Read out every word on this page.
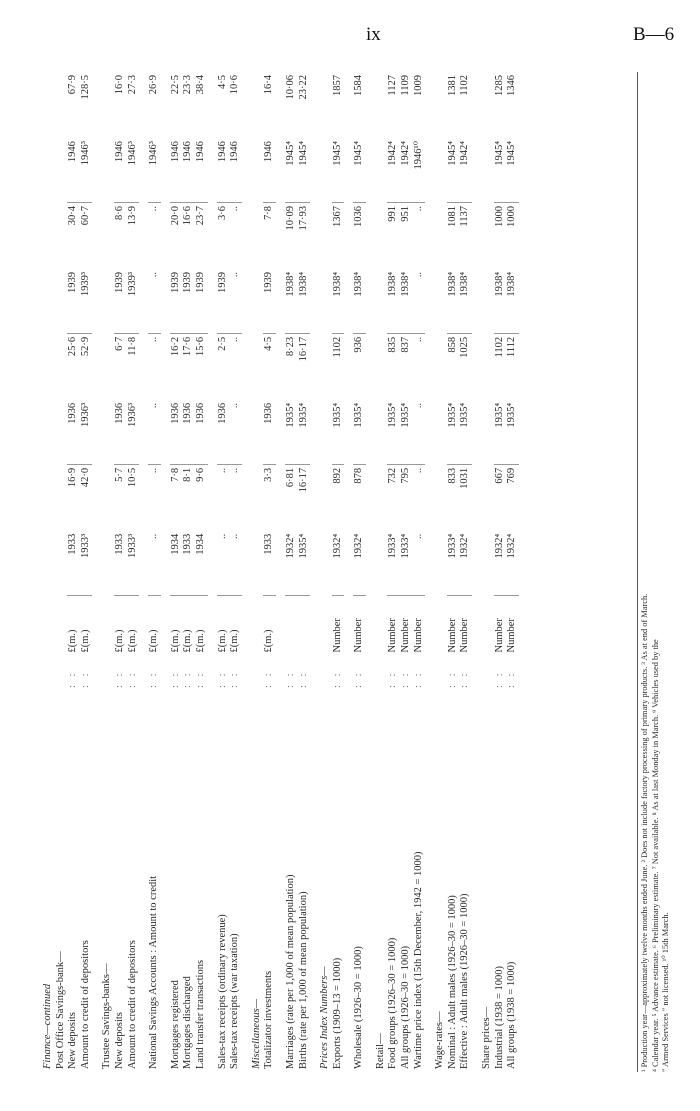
ix	B—6
Finance—continued										
Post Office Savings-bank—										
New deposits	: :	£(m.)	1933	16·9	1936	25·6	1939	30·4	1946	67·9
Amount to credit of depositors	: :	£(m.)	1933³	42·0	1936³	52·9	1939³	60·7	1946³	128·5

Trustee Savings-banks—										
New deposits	: :	£(m.)	1933	5·7	1936	6·7	1939	8·6	1946	16·0
Amount to credit of depositors	: :	£(m.)	1933³	10·5	1936³	11·8	1939³	13·9	1946³	27·3

National Savings Accounts : Amount to credit	: :	£(m.)	..	..	..	..	..	..	1946³	26·9

Mortgages registered	: :	£(m.)	1934	7·8	1936	16·2	1939	20·0	1946	22·5
Mortgages discharged	: :	£(m.)	1933	8·1	1936	17·6	1939	16·6	1946	23·3
Land transfer transactions	: :	£(m.)	1934	9·6	1936	15·6	1939	23·7	1946	38·4

Sales-tax receipts (ordinary revenue)	: :	£(m.)	..	..	1936	2·5	1939	3·6	1946	4·5
Sales-tax receipts (war taxation)	: :	£(m.)	..	..	..	..	..	..	1946	10·6

Miscellaneous—										
Totalizator investments	: :	£(m.)	1933	3·3	1936	4·5	1939	7·8	1946	16·4

Marriages (rate per 1,000 of mean population)	: :		1932⁴	6·81	1935⁴	8·23	1938⁴	10·09	1945⁴	10·06
Births (rate per 1,000 of mean population)	: :		1935⁴	16·17	1935⁴	16·17	1938⁴	17·93	1945⁴	23·22

Prices Index Numbers—										
Exports (1909–13 = 1000)	: :	Number	1932⁴	892	1935⁴	1102	1938⁴	1367	1945⁴	1857

Wholesale (1926–30 = 1000)	: :	Number	1932⁴	878	1935⁴	936	1938⁴	1036	1945⁴	1584

Retail—										
Food groups (1926–30 = 1000)	: :	Number	1933⁴	732	1935⁴	835	1938⁴	991	1942⁴	1127
All groups (1926–30 = 1000)	: :	Number	1933⁴	795	1935⁴	837	1938⁴	951	1942⁴	1109
Wartime price index (15th December, 1942 = 1000)	: :	Number	..	..	..	..	..	..	1946¹⁰	1009

Wage-rates—										
Nominal : Adult males (1926–30 = 1000)	: :	Number	1933⁴	833	1935⁴	858	1938⁴	1081	1945⁴	1381
Effective : Adult males (1926–30 = 1000)	: :	Number	1932⁴	1031	1935⁴	1025	1938⁴	1137	1942⁴	1102

Share prices—										
Industrial (1938 = 1000)	: :	Number	1932⁴	667	1935⁴	1102	1938⁴	1000	1945⁴	1285
All groups (1938 = 1000)	: :	Number	1932⁴	769	1935⁴	1112	1938⁴	1000	1945⁴	1346
¹ Production year—approximately twelve months ended June. ² Does not include factory processing of primary products. ³ As at end of March. ⁴ Calendar year. ⁵ Advance estimate. ⁶ Preliminary estimate. ⁷ Not available. ⁸ As at last Monday in March. ⁹ Vehicles used by the " Armed Services " not licensed. ¹⁰ 15th March.
